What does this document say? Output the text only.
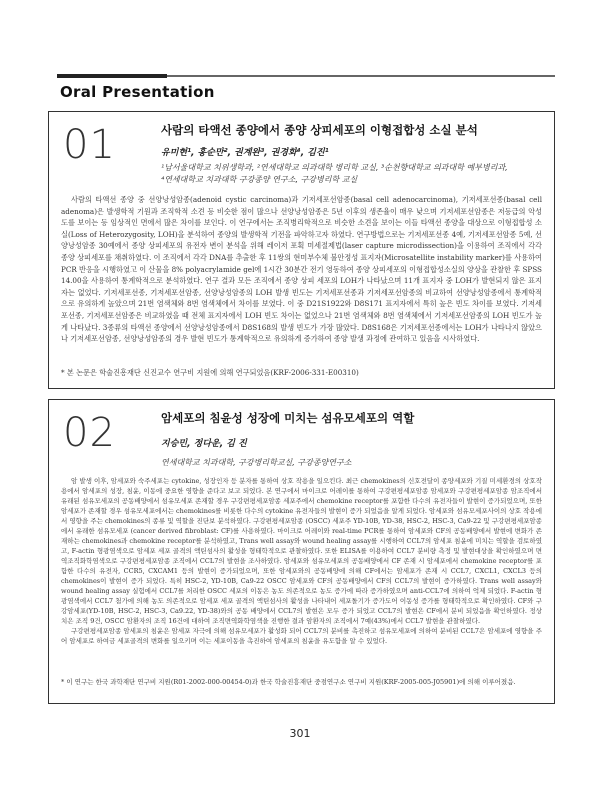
Oral Presentation
01	사람의 타액선 종양에서 종양 상피세포의 이형접합성 소실 분석
유미현¹, 홍순만², 권계완³, 권경화⁴, 김진¹
¹남서울대학교 치위생학과, ²연세대학교 의과대학 병리학 교실, ³순천향대학교 의과대학 예부병리과,
⁴연세대학교 치과대학 구강종양 연구소, 구강병리학 교실

사람의 타액선 종양 중 선양낭성암종(adenoid cystic carcinoma)과 기저세포선암종(basal cell adenocarcinoma), 기저세포선종(basal cell adenoma)은 발생학적 기원과 조직학적 소견 등 비슷한 점이 많으나 선양낭성암종은 5년 이후의 생존율이 매우 낮으며 기저세포선암종은 저등급의 악성도를 보이는 등 임상적인 면에서 많은 차이를 보인다. 이 연구에서는 조직병리학적으로 비슷한 소견을 보이는 이들 타액선 종양을 대상으로 이형접합성 소실(Loss of Heterozygosity, LOH)을 분석하여 종양의 발생학적 기전을 파악하고자 하였다. 연구방법으로는 기저세포선종 4예, 기저세포선암종 5예, 선양낭성암종 30예에서 종양 상피세포의 유전자 변이 분석을 위해 레이저 포획 미세절제법(laser capture microdissection)을 이용하여 조직에서 각각 종양 상피세포를 채취하였다. 이 조직에서 각각 DNA를 추출한 후 11쌍의 현미부수체 불안정성 표지자(Microsatellite instability marker)를 사용하여 PCR 반응을 시행하였고 이 산물을 8% polyacrylamide gel에 1시간 30분간 전기 영동하여 종양 상피세포의 이형접합성소실의 양상을 관찰한 후 SPSS 14.00을 사용하여 통계학적으로 분석하였다. 연구 결과 모든 조직에서 종양 상피 세포의 LOH가 나타났으며 11개 표지자 중 LOH가 발현되지 않은 표지자는 없었다. 기저세포선종, 기저세포선암종, 선양낭성암종의 LOH 발생 빈도는 기저세포선종과 기저세포선암종의 비교하여 선양낭성암종에서 통계학적으로 유의하게 높았으며 21번 염색체와 8번 염색체에서 차이를 보였다. 이 중 D21S1922와 D8S171 표지자에서 특히 높은 빈도 차이를 보였다. 기저세포선종, 기저세포선암종은 비교하였을 때 전체 표지자에서 LOH 빈도 차이는 없었으나 21번 염색체와 8번 염색체에서 기저세포선암종의 LOH 빈도가 높게 나타났다. 3종류의 타액선 종양에서 선양낭성암종에서 D8S168의 발생 빈도가 가장 많았다. D8S168은 기저세포선종에서는 LOH가 나타나지 않았으나 기저세포선암종, 선양낭성암종의 경우 발현 빈도가 통계학적으로 유의하게 증가하여 종양 발생 과정에 관여하고 있음을 시사하였다.

* 본 논문은 학술진흥재단 신진교수 연구비 지원에 의해 연구되었음(KRF-2006-331-E00310)
02	암세포의 침윤성 성장에 미치는 섬유모세포의 역할
지승민, 정다운, 김 진
연세대학교 치과대학, 구강병리학교실, 구강종양연구소

암 발생 이후, 암세포와 숙주세포는 cytokine, 성장인자 등 분자를 통하여 상호 작용을 일으킨다. 최근 chemokines의 신호전달이 종양세포와 기질 미세환경의 상호작용에서 암세포의 성장, 침윤, 이동에 중요한 영향을 준다고 보고 되었다. 본 연구에서 마이크로 어레이를 통하여 구강편평세포암종 암세포와 구강편평세포암종 암조직에서 유래된 섬유모세포의 공동배양에서 섬유모세포 존재할 경우 구강편평세포암종 세포주에서 chemokine receptor를 포함한 다수의 유전자들이 발현이 증가되었으며, 또한 암세포가 존재할 경우 섬유모세포에서는 chemokines를 비롯한 다수의 cytokine 유전자들의 발현이 증가 되었음을 알게 되었다. 암세포와 섬유모세포사이의 상호 작용에서 영향을 주는 chemokines의 종류 및 역할을 진단보 분석하였다. 구강편평세포암종 (OSCC) 세포주 YD-10B, YD-38, HSC-2, HSC-3, Ca9-22 및 구강편평세포암종에서 유래한 섬유모세포 (cancer derived fibroblast: CF)를 사용하였다. 마이크로 어레이와 real-time PCR를 통하여 암세포와 CF의 공동배양에서 발현에 변화가 존재하는 chemokines과 chemokine receptor를 분석하였고, Trans well assay와 wound healing assay를 시행하여 CCL7의 암세포 침윤에 미치는 역할을 검토하였고, F-actin 형광염색으로 암세포 세포 골격의 액틴섬사의 활성을 형태학적으로 관찰하였다. 또한 ELISA를 이용하여 CCL7 분비량 측정 및 발현대상을 확인하였으며 면역조직화학염색으로 구강편평세포암종 조직에서 CCL7의 발현을 조사하였다. 암세포와 섬유모세포의 공동배양에서 CF 존재 시 암세포에서 chemokine receptor를 포함한 다수의 유전자, CCR5, CXCAM1 등의 발현이 증가되었으며, 또한 암세포와의 공동배양에 의해 CF에서는 암세포가 존재 시 CCL7, CXCL1, CXCL3 등의 chemokines이 발현이 증가 되었다. 특히 HSC-2, YD-10B, Ca9-22 OSCC 암세포와 CF의 공동배양에서 CF의 CCL7의 발현이 증가하였다. Trans well assay와 wound healing assay 실험에서 CCL7를 처리한 OSCC 세포의 이동은 농도 의존적으로 농도 증가에 따라 증가하였으며 anti-CCL7에 의하여 억제 되었다. F-actin 형광염색에서 CCL7 첨가에 의해 농도 의존적으로 암세포 세포 골격의 액틴섬사의 활성을 나타내어 세포돌기가 증가도어 이동성 증가를 형태학적으로 확인하였다. CF와 구강암세포(YD-10B, HSC-2, HSC-3, Ca9.22, YD-38)와의 공동 배양에서 CCL7의 발현은 모두 증가 되었고 CCL7의 발현은 CF에서 분비 되었음을 확인하였다. 정상 치은 조직 9건, OSCC 암환자의 조직 16건에 대하여 조직면역화학염색을 진행한 결과 암환자의 조직에서 7예(43%)에서 CCL7 발현을 관찰하였다.

구강편평세포암종 암세포의 침윤은 암세포 자극에 의해 섬유모세포가 활성화 되어 CCL7의 분비를 촉진하고 섬유모세포에 의하여 분비된 CCL7은 암세포에 영향을 주어 암세포로 하여금 세포골격의 변화를 일으키며 이는 세포이동을 촉진하여 암세포의 침윤을 유도함을 알 수 있었다.

* 이 연구는 한국 과학재단 연구비 지원(R01-2002-000-00454-0)과 한국 학술진흥재단 중점연구소 연구비 지원(KRF-2005-005-J05901)에 의해 이루어졌음.
301
